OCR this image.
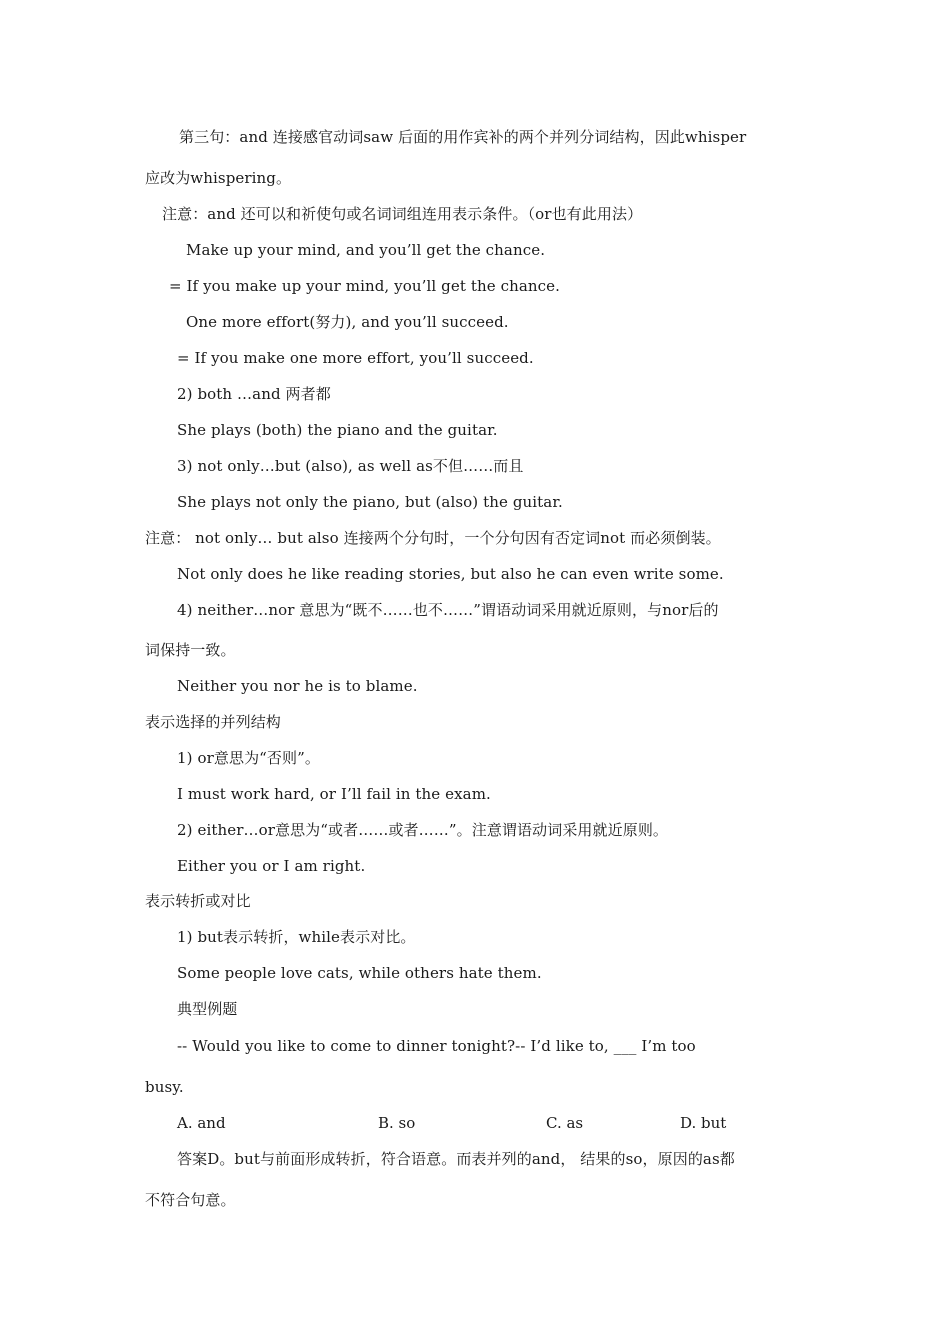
第三句：and 连接感官动词saw 后面的用作宾补的两个并列分词结构，因此whisper
应改为whispering。
注意：and 还可以和祈使句或名词词组连用表示条件。（or也有此用法）
Make up your mind, and you’ll get the chance.
= If you make up your mind, you’ll get the chance.
One more effort(努力), and you’ll succeed.
= If you make one more effort, you’ll succeed.
2) both …and 两者都
She plays (both) the piano and the guitar.
3) not only…but (also), as well as不但……而且
She plays not only the piano, but (also) the guitar.
注意： not only… but also 连接两个分句时，一个分句因有否定词not 而必须倒装。
Not only does he like reading stories, but also he can even write some.
4) neither…nor 意思为“既不……也不……”谓语动词采用就近原则，与nor后的
词保持一致。
Neither you nor he is to blame.
表示选择的并列结构
1) or意思为“否则”。
I must work hard, or I’ll fail in the exam.
2) either…or意思为“或者……或者……”。注意谓语动词采用就近原则。
Either you or I am right.
表示转折或对比
1) but表示转折，while表示对比。
Some people love cats, while others hate them.
典型例题
-- Would you like to come to dinner tonight?-- I’d like to, ___ I’m too
busy.
A. and	B. so	C. as	D. but
答案D。but与前面形成转折，符合语意。而表并列的and， 结果的so，原因的as都
不符合句意。
